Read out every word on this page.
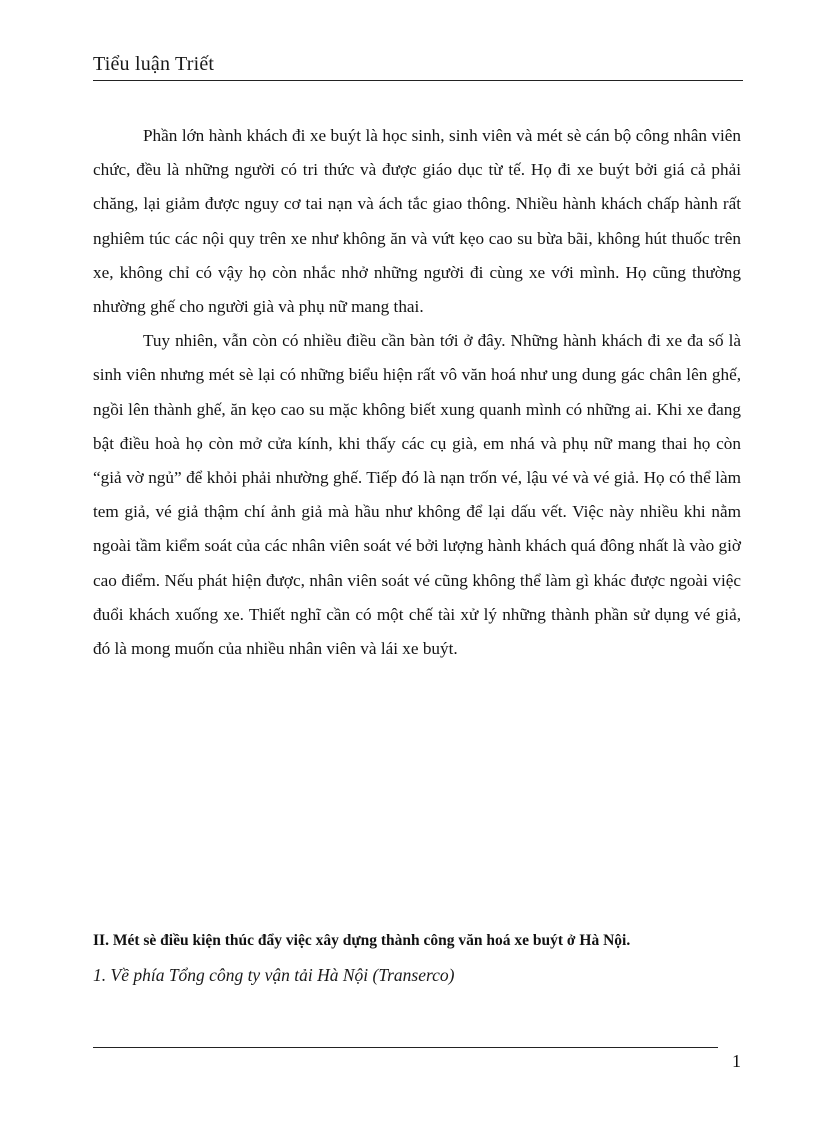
Tiểu luận Triết

Phần lớn hành khách đi xe buýt là học sinh, sinh viên và mét sè cán bộ công nhân viên chức, đều là những người có tri thức và được giáo dục từ tế. Họ đi xe buýt bởi giá cả phải chăng, lại giảm được nguy cơ tai nạn và ách tắc giao thông. Nhiều hành khách chấp hành rất nghiêm túc các nội quy trên xe như không ăn và vứt kẹo cao su bừa bãi, không hút thuốc trên xe, không chỉ có vậy họ còn nhắc nhở những người đi cùng xe với mình. Họ cũng thường nhường ghế cho người già và phụ nữ mang thai.

Tuy nhiên, vẫn còn có nhiều điều cần bàn tới ở đây. Những hành khách đi xe đa số là sinh viên nhưng mét sè lại có những biểu hiện rất vô văn hoá như ung dung gác chân lên ghế, ngồi lên thành ghế, ăn kẹo cao su mặc không biết xung quanh mình có những ai. Khi xe đang bật điều hoà họ còn mở cửa kính, khi thấy các cụ già, em nhá và phụ nữ mang thai họ còn “giả vờ ngủ” để khỏi phải nhường ghế. Tiếp đó là nạn trốn vé, lậu vé và vé giả. Họ có thể làm tem giả, vé giả thậm chí ảnh giả mà hầu như không để lại dấu vết. Việc này nhiều khi nằm ngoài tầm kiểm soát của các nhân viên soát vé bởi lượng hành khách quá đông nhất là vào giờ cao điểm. Nếu phát hiện được, nhân viên soát vé cũng không thể làm gì khác được ngoài việc đuổi khách xuống xe. Thiết nghĩ cần có một chế tài xử lý những thành phần sử dụng vé giả, đó là mong muốn của nhiều nhân viên và lái xe buýt.

II. Mét sè điều kiện thúc đẩy việc xây dựng thành công văn hoá xe buýt ở Hà Nội.
1. Về phía Tổng công ty vận tải Hà Nội (Transerco)
1
